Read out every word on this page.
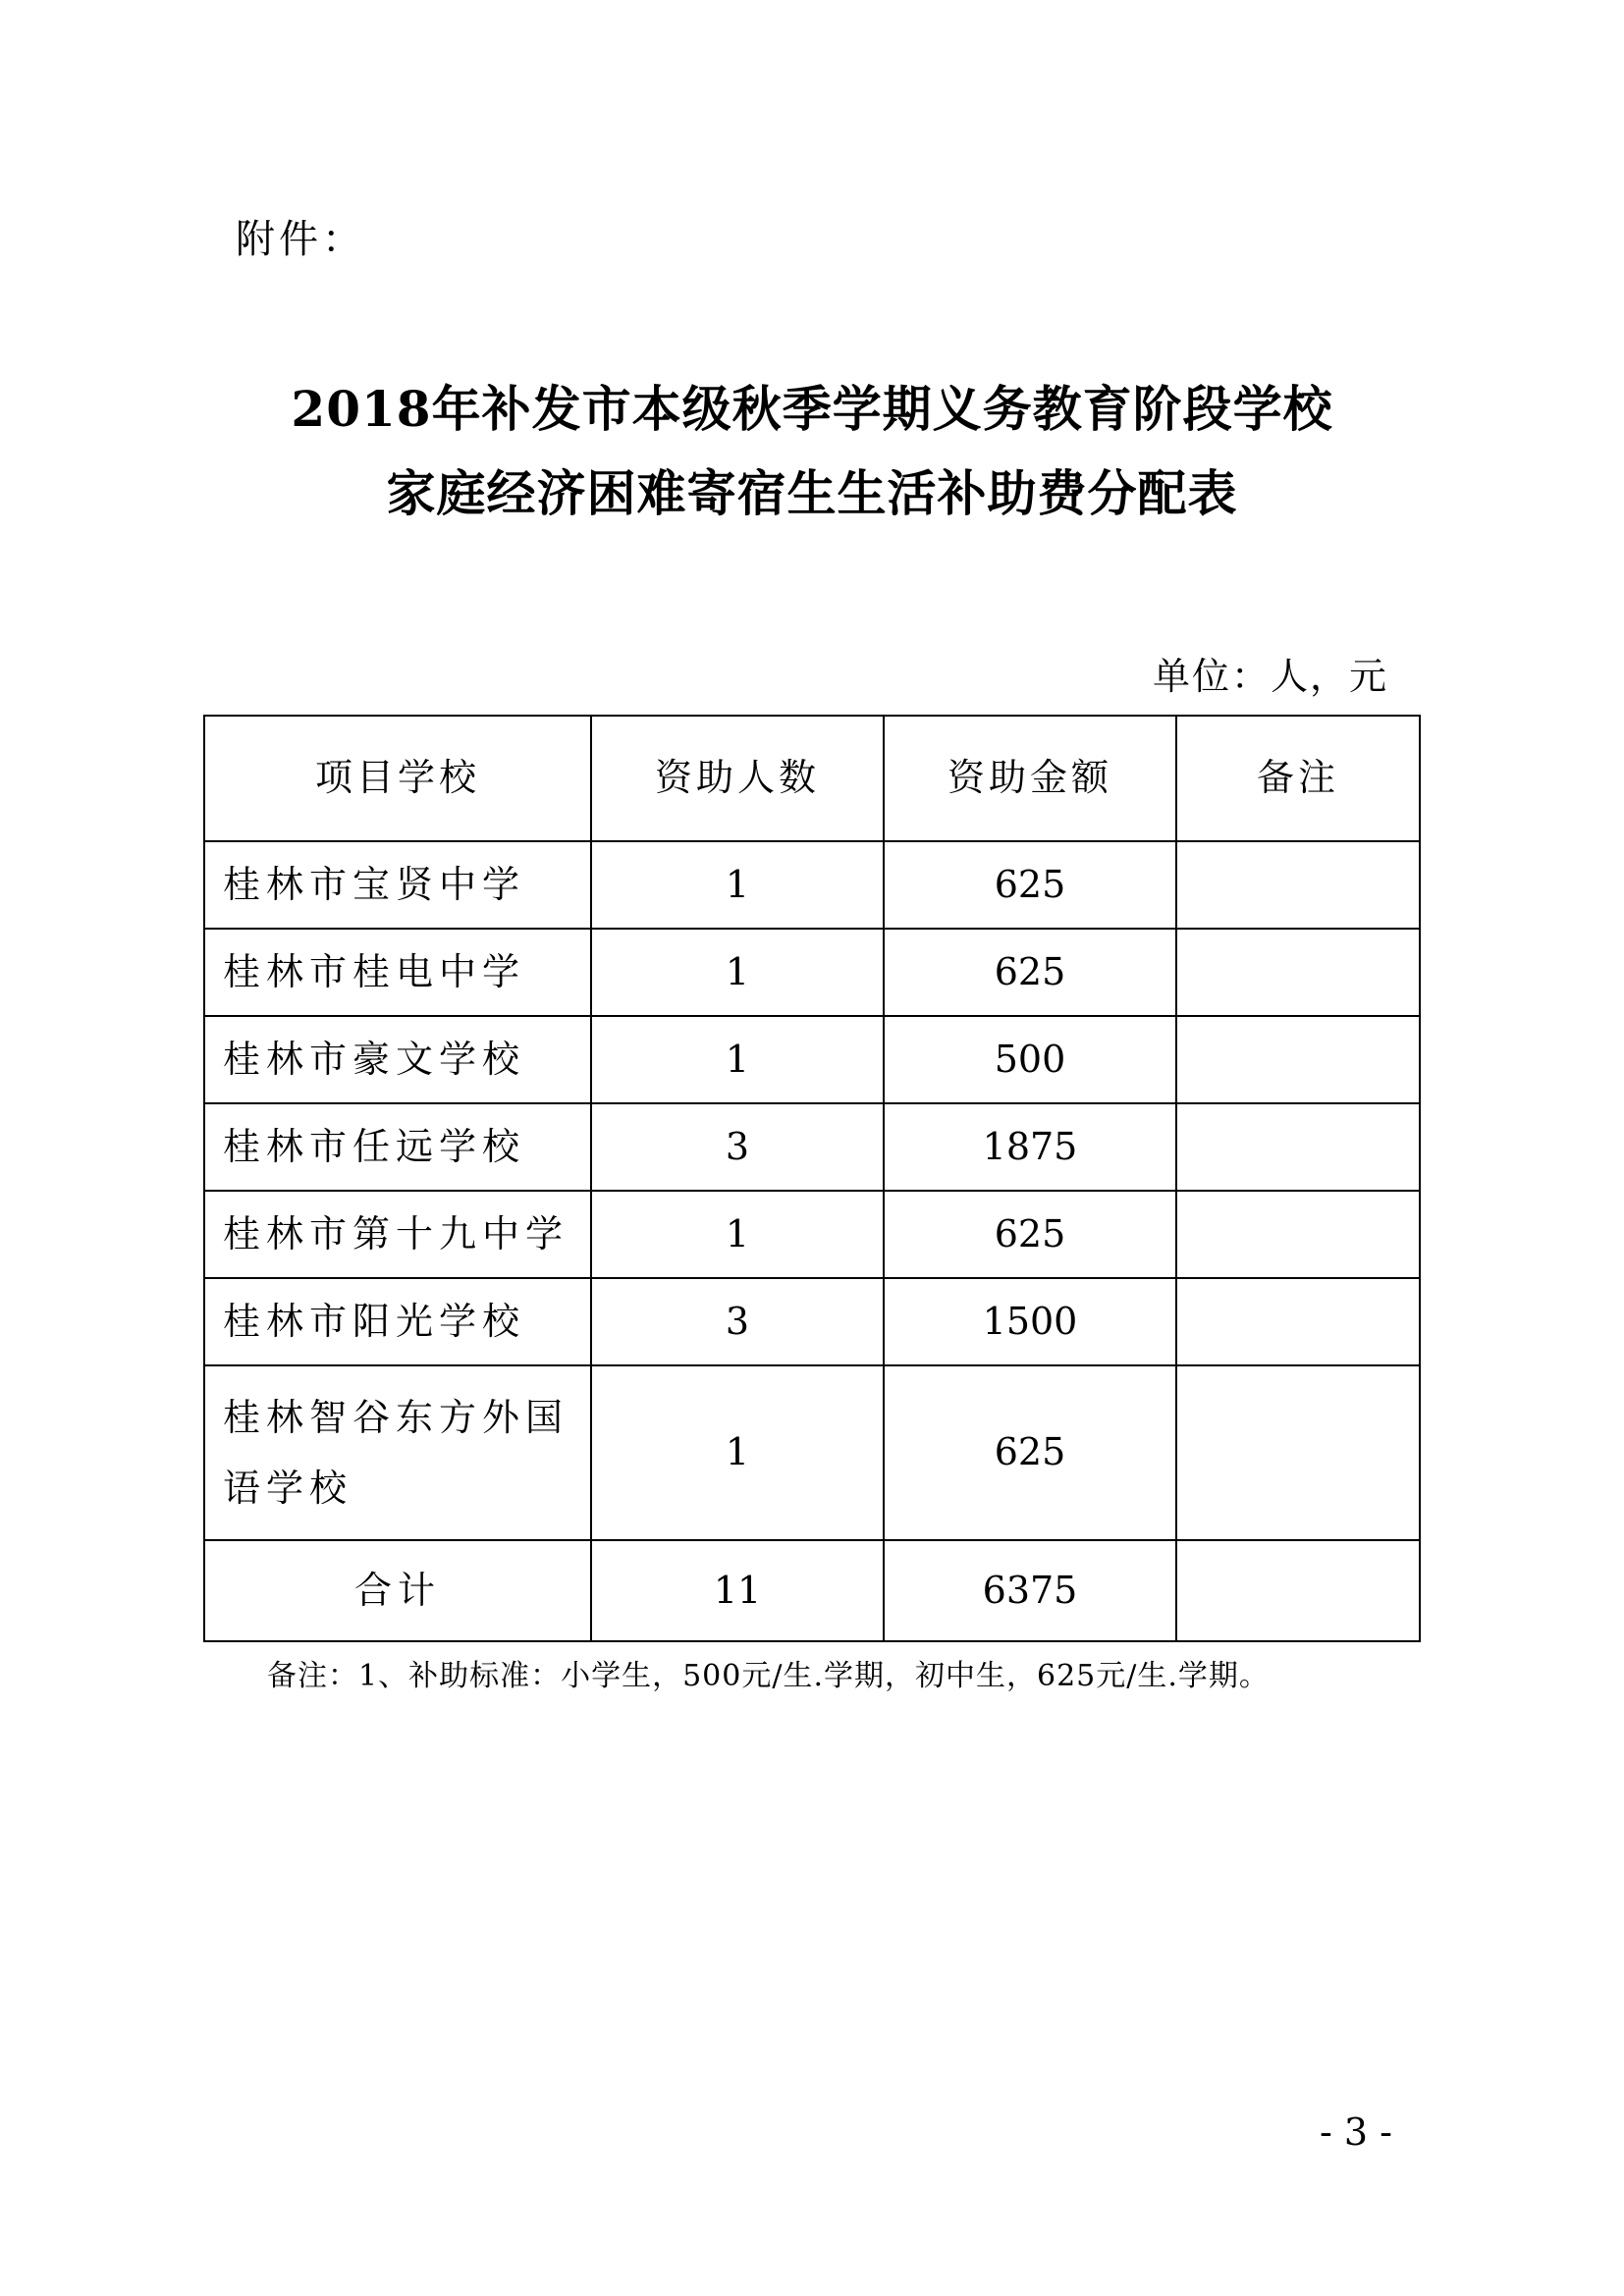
附件：
2018年补发市本级秋季学期义务教育阶段学校
家庭经济困难寄宿生生活补助费分配表
单位：人，元
项目学校	资助人数	资助金额	备注
桂林市宝贤中学	1	625	
桂林市桂电中学	1	625	
桂林市豪文学校	1	500	
桂林市任远学校	3	1875	
桂林市第十九中学	1	625	
桂林市阳光学校	3	1500	
桂林智谷东方外国语学校	1	625	
合计	11	6375	
备注：1、补助标准：小学生，500元/生.学期，初中生，625元/生.学期。
- 3 -
